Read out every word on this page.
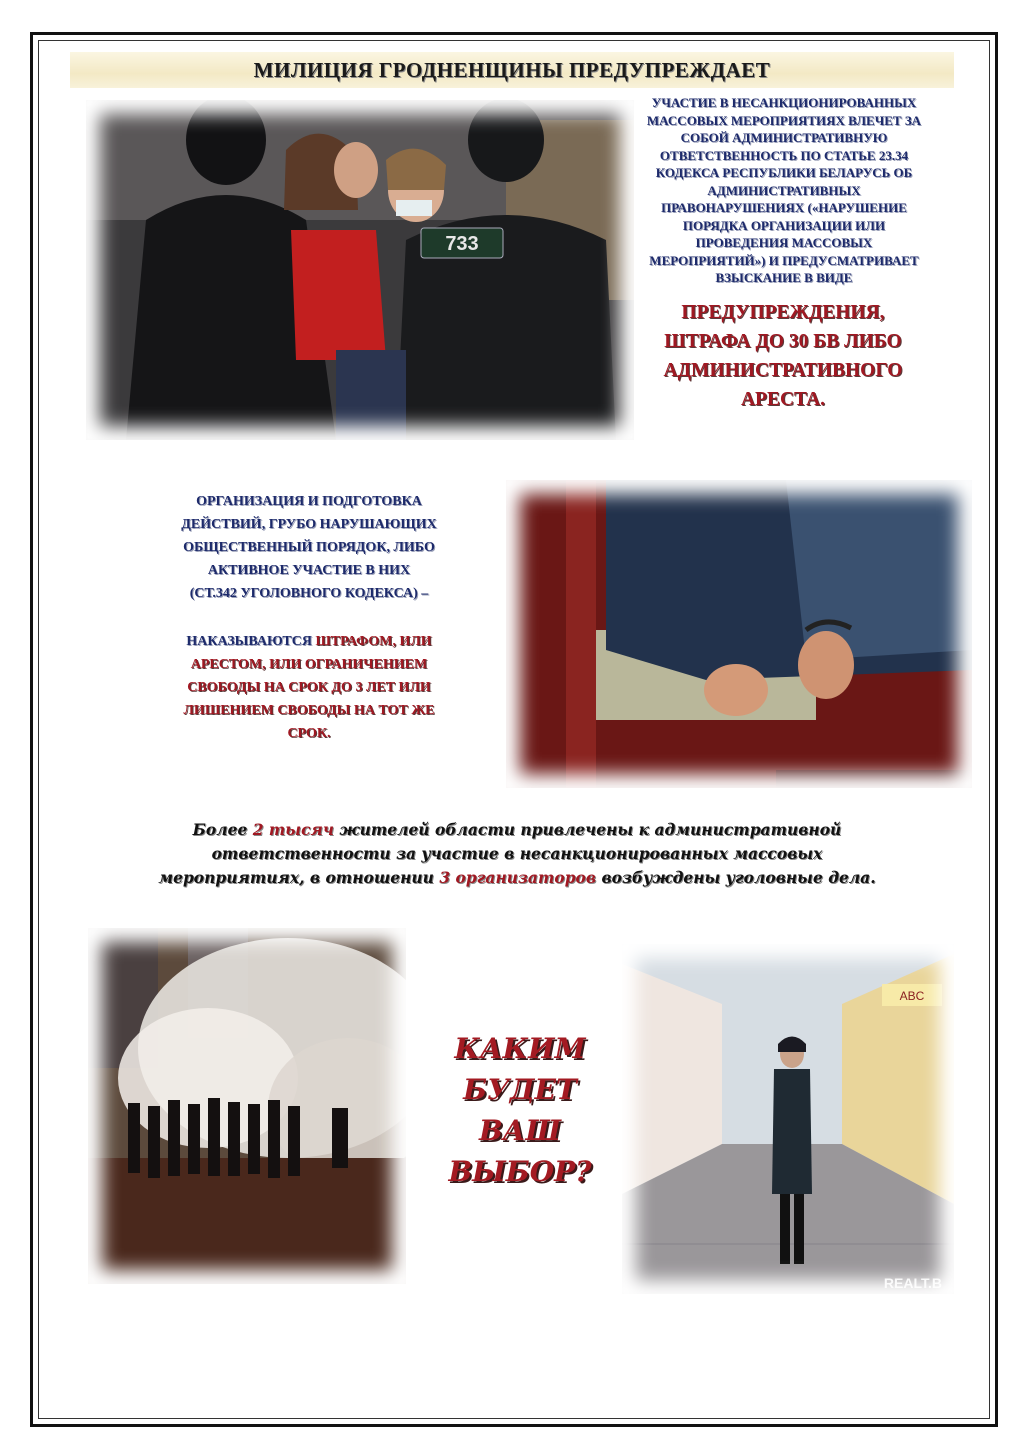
МИЛИЦИЯ ГРОДНЕНЩИНЫ ПРЕДУПРЕЖДАЕТ
733
УЧАСТИЕ В НЕСАНКЦИОНИРОВАННЫХ
МАССОВЫХ МЕРОПРИЯТИЯХ ВЛЕЧЕТ ЗА
СОБОЙ АДМИНИСТРАТИВНУЮ
ОТВЕТСТВЕННОСТЬ ПО СТАТЬЕ 23.34
КОДЕКСА РЕСПУБЛИКИ БЕЛАРУСЬ ОБ
АДМИНИСТРАТИВНЫХ
ПРАВОНАРУШЕНИЯХ («НАРУШЕНИЕ
ПОРЯДКА ОРГАНИЗАЦИИ ИЛИ
ПРОВЕДЕНИЯ МАССОВЫХ
МЕРОПРИЯТИЙ») И ПРЕДУСМАТРИВАЕТ
ВЗЫСКАНИЕ В ВИДЕ
ПРЕДУПРЕЖДЕНИЯ,
ШТРАФА ДО 30 БВ ЛИБО
АДМИНИСТРАТИВНОГО
АРЕСТА.
ОРГАНИЗАЦИЯ И ПОДГОТОВКА
ДЕЙСТВИЙ, ГРУБО НАРУШАЮЩИХ
ОБЩЕСТВЕННЫЙ ПОРЯДОК, ЛИБО
АКТИВНОЕ УЧАСТИЕ В НИХ
(СТ.342 УГОЛОВНОГО КОДЕКСА) –
НАКАЗЫВАЮТСЯ ШТРАФОМ, ИЛИ
АРЕСТОМ, ИЛИ ОГРАНИЧЕНИЕМ
СВОБОДЫ НА СРОК ДО 3 ЛЕТ ИЛИ
ЛИШЕНИЕМ СВОБОДЫ НА ТОТ ЖЕ
СРОК.
Более 2 тысяч жителей области привлечены к административной
ответственности за участие в несанкционированных массовых
мероприятиях, в отношении 3 организаторов возбуждены уголовные дела.
КАКИМ
БУДЕТ
ВАШ
ВЫБОР?
ABC
REALT.B
